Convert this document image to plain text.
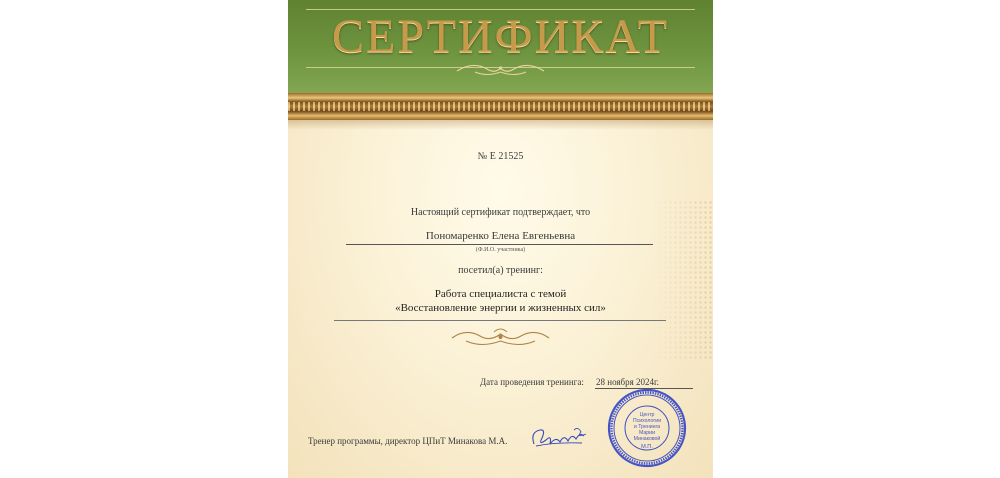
СЕРТИФИКАТ
№ Е 21525
Настоящий сертификат подтверждает, что
Пономаренко Елена Евгеньевна
(Ф.И.О. участника)
посетил(а) тренинг:
Работа специалиста с темой
«Восстановление энергии и жизненных сил»
Дата проведения тренинга: 28 ноября 2024г.
Тренер программы, директор ЦПиТ Минакова М.А.
Центр
Психологии
и Тренинга
Марии
Минаковой
М.П.
